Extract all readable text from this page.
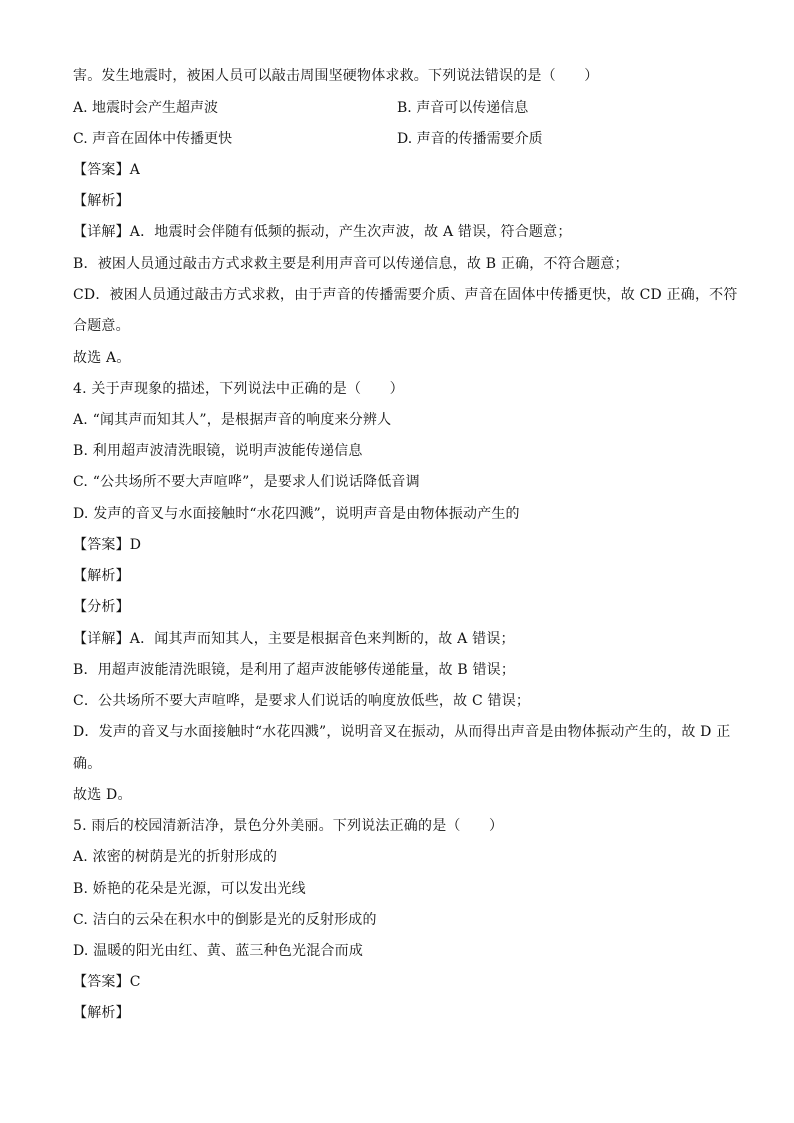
害。发生地震时，被困人员可以敲击周围坚硬物体求救。下列说法错误的是（　　）
A. 地震时会产生超声波	B. 声音可以传递信息
C. 声音在固体中传播更快	D. 声音的传播需要介质
【答案】A
【解析】
【详解】A．地震时会伴随有低频的振动，产生次声波，故 A 错误，符合题意；
B．被困人员通过敲击方式求救主要是利用声音可以传递信息，故 B 正确，不符合题意；
CD．被困人员通过敲击方式求救，由于声音的传播需要介质、声音在固体中传播更快，故 CD 正确，不符
合题意。
故选 A。
4. 关于声现象的描述，下列说法中正确的是（　　）
A. “闻其声而知其人”，是根据声音的响度来分辨人
B. 利用超声波清洗眼镜，说明声波能传递信息
C. “公共场所不要大声喧哗”，是要求人们说话降低音调
D. 发声的音叉与水面接触时“水花四溅”，说明声音是由物体振动产生的
【答案】D
【解析】
【分析】
【详解】A．闻其声而知其人，主要是根据音色来判断的，故 A 错误；
B．用超声波能清洗眼镜，是利用了超声波能够传递能量，故 B 错误；
C．公共场所不要大声喧哗，是要求人们说话的响度放低些，故 C 错误；
D．发声的音叉与水面接触时“水花四溅”，说明音叉在振动，从而得出声音是由物体振动产生的，故 D 正
确。
故选 D。
5. 雨后的校园清新洁净，景色分外美丽。下列说法正确的是（　　）
A. 浓密的树荫是光的折射形成的
B. 娇艳的花朵是光源，可以发出光线
C. 洁白的云朵在积水中的倒影是光的反射形成的
D. 温暖的阳光由红、黄、蓝三种色光混合而成
【答案】C
【解析】
